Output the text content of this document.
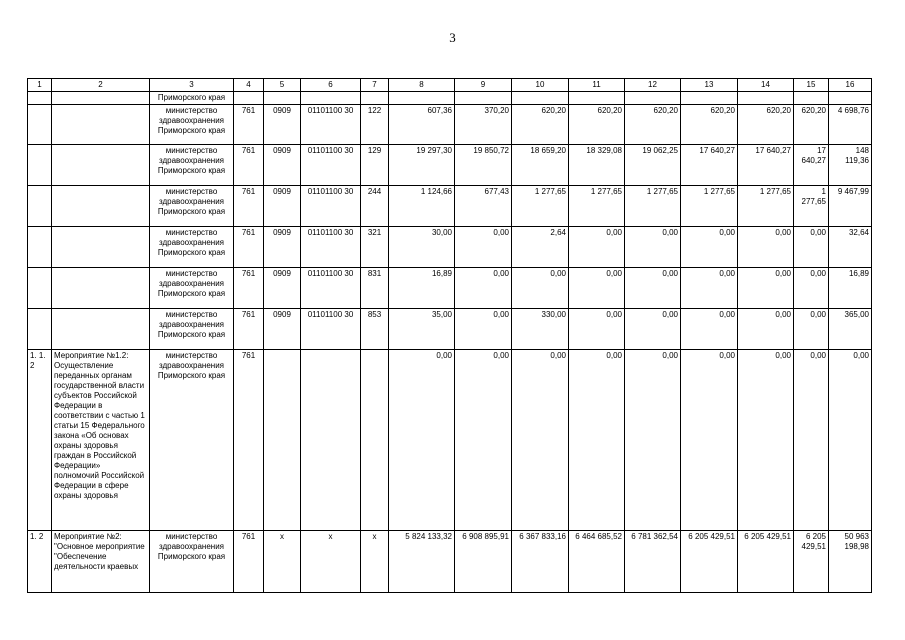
3
1	2	3	4	5	6	7	8	9	10	11	12	13	14	15	16
		Приморского края													
		министерство здравоохранения Приморского края	761	0909	01101100 30	122	607,36	370,20	620,20	620,20	620,20	620,20	620,20	620,20	4 698,76
		министерство здравоохранения Приморского края	761	0909	01101100 30	129	19 297,30	19 850,72	18 659,20	18 329,08	19 062,25	17 640,27	17 640,27	17 640,27	148 119,36
		министерство здравоохранения Приморского края	761	0909	01101100 30	244	1 124,66	677,43	1 277,65	1 277,65	1 277,65	1 277,65	1 277,65	1 277,65	9 467,99
		министерство здравоохранения Приморского края	761	0909	01101100 30	321	30,00	0,00	2,64	0,00	0,00	0,00	0,00	0,00	32,64
		министерство здравоохранения Приморского края	761	0909	01101100 30	831	16,89	0,00	0,00	0,00	0,00	0,00	0,00	0,00	16,89
		министерство здравоохранения Приморского края	761	0909	01101100 30	853	35,00	0,00	330,00	0,00	0,00	0,00	0,00	0,00	365,00
1. 1. 2	Мероприятие №1.2: Осуществление переданных органам государственной власти субъектов Российской Федерации в соответствии с частью 1 статьи 15 Федерального закона «Об основах охраны здоровья граждан в Российской Федерации» полномочий Российской Федерации в сфере охраны здоровья	министерство здравоохранения Приморского края	761				0,00	0,00	0,00	0,00	0,00	0,00	0,00	0,00	0,00
1. 2	Мероприятие №2: "Основное мероприятие "Обеспечение деятельности краевых	министерство здравоохранения Приморского края	761	х	х	х	5 824 133,32	6 908 895,91	6 367 833,16	6 464 685,52	6 781 362,54	6 205 429,51	6 205 429,51	6 205 429,51	50 963 198,98
